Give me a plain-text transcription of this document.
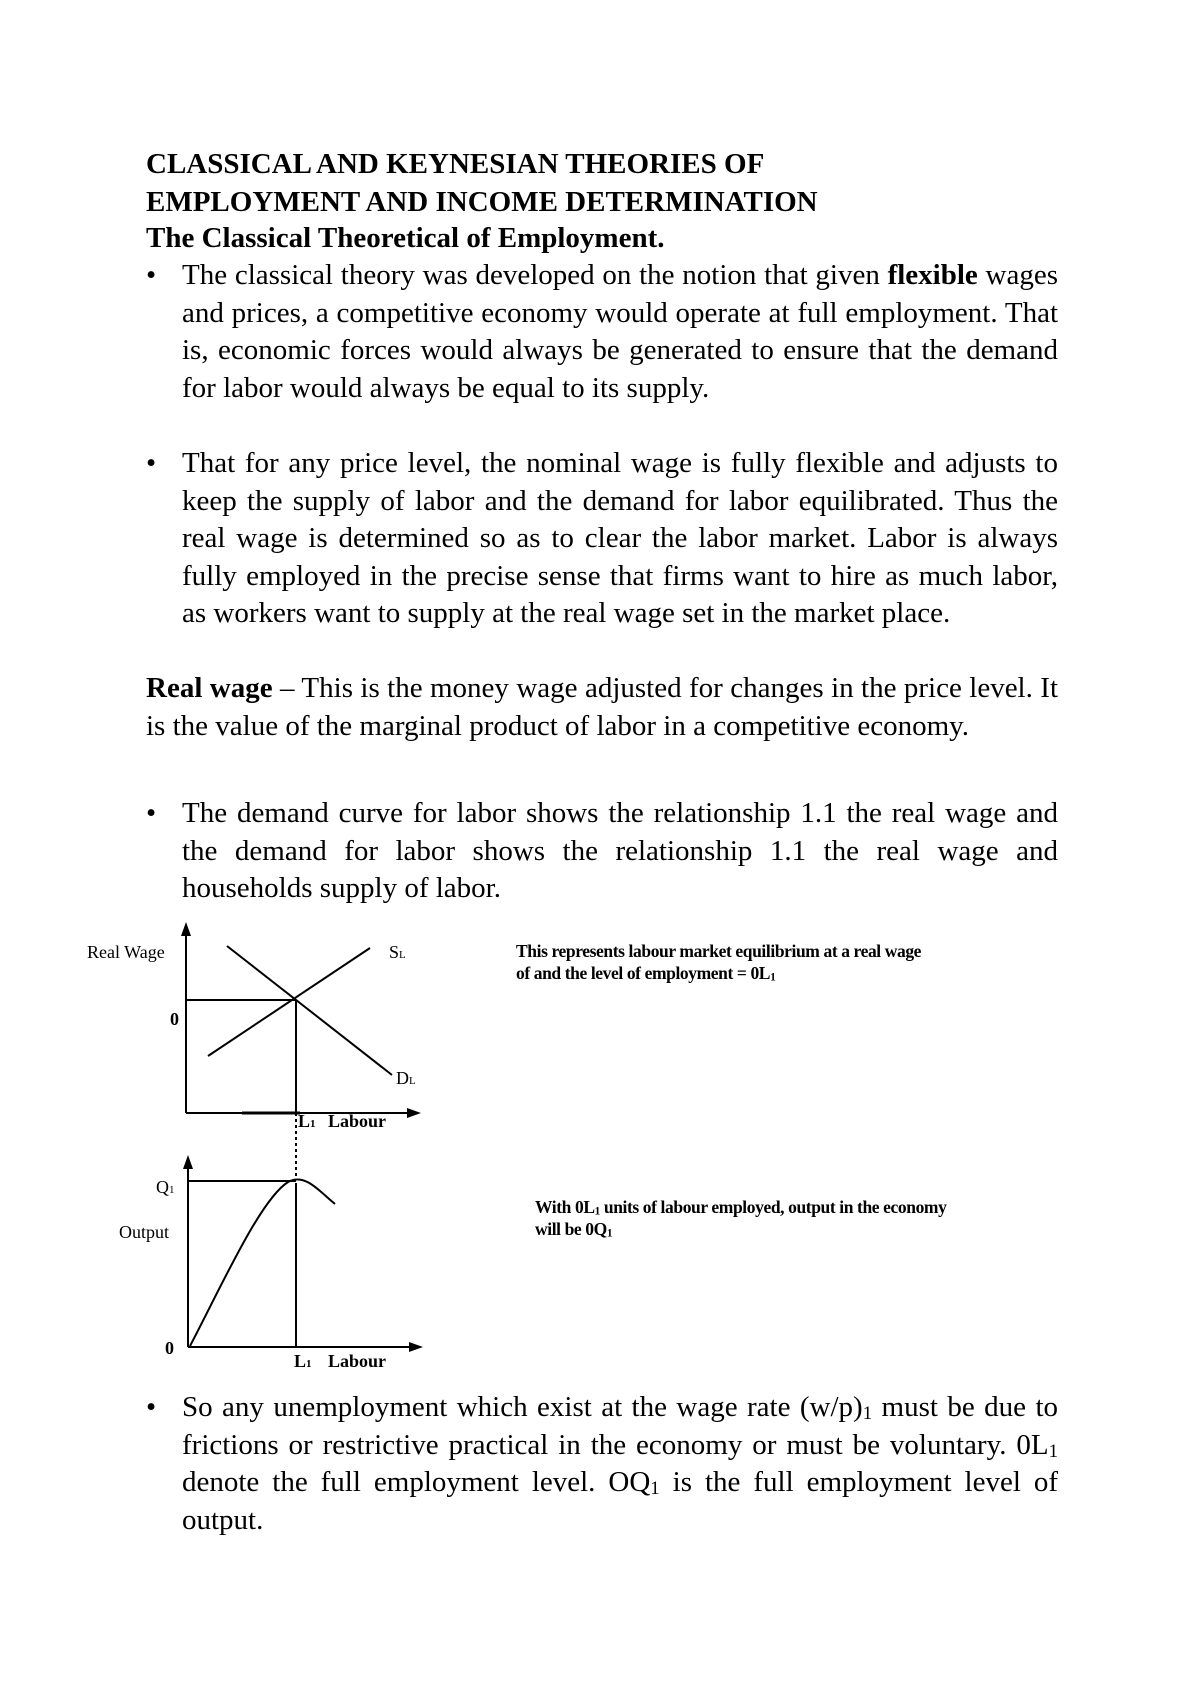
CLASSICAL AND KEYNESIAN THEORIES OF
EMPLOYMENT AND INCOME DETERMINATION
The Classical Theoretical of Employment.
• The classical theory was developed on the notion that given flexible wages and prices, a competitive economy would operate at full employment. That is, economic forces would always be generated to ensure that the demand for labor would always be equal to its supply.
• That for any price level, the nominal wage is fully flexible and adjusts to keep the supply of labor and the demand for labor equilibrated. Thus the real wage is determined so as to clear the labor market. Labor is always fully employed in the precise sense that firms want to hire as much labor, as workers want to supply at the real wage set in the market place.
Real wage – This is the money wage adjusted for changes in the price level. It is the value of the marginal product of labor in a competitive economy.
• The demand curve for labor shows the relationship 1.1 the real wage and the demand for labor shows the relationship 1.1 the real wage and households supply of labor.
Real Wage
0
SL
DL
L1 Labour
Q1
Output
0
L1 Labour
This represents labour market equilibrium at a real wage
of and the level of employment = $0L_1$
With $0L_1$ units of labour employed, output in the economy
will be $0Q_1$
• So any unemployment which exist at the wage rate $(w/p)_1$ must be due to frictions or restrictive practical in the economy or must be voluntary. $0L_1$ denote the full employment level. $OQ_1$ is the full employment level of output.
